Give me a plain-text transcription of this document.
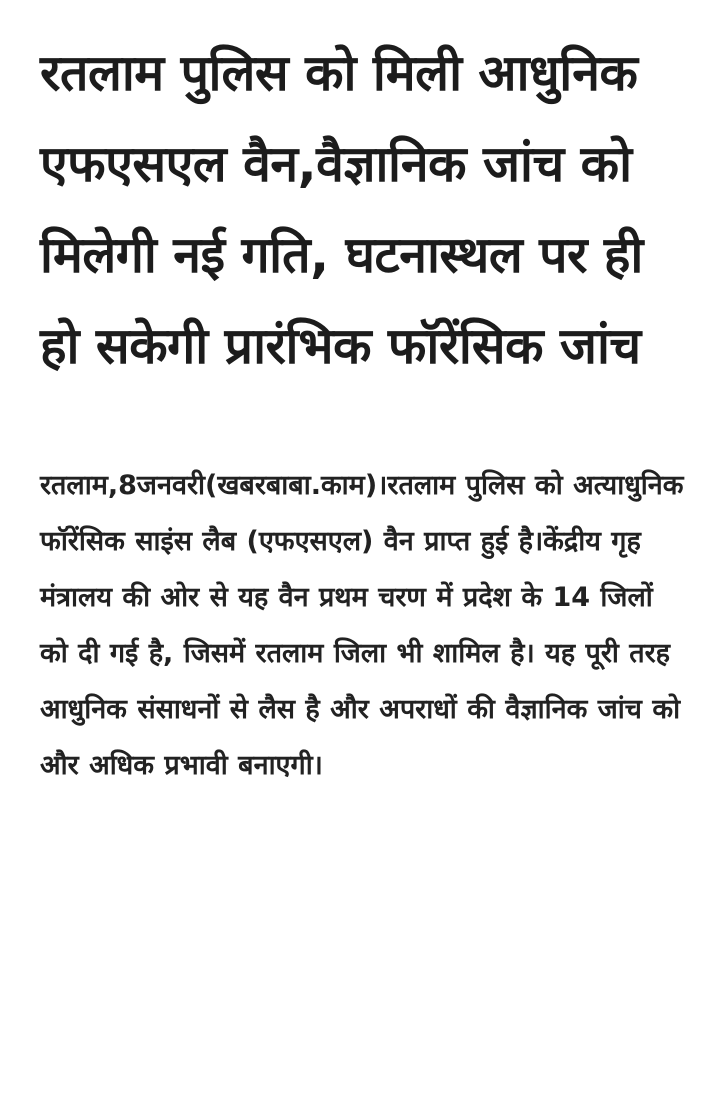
रतलाम पुलिस को मिली आधुनिक एफएसएल वैन,वैज्ञानिक जांच को मिलेगी नई गति, घटनास्थल पर ही हो सकेगी प्रारंभिक फॉरेंसिक जांच

रतलाम,8जनवरी(खबरबाबा.काम)।रतलाम पुलिस को अत्याधुनिक फॉरेंसिक साइंस लैब (एफएसएल) वैन प्राप्त हुई है।केंद्रीय गृह मंत्रालय की ओर से यह वैन प्रथम चरण में प्रदेश के 14 जिलों को दी गई है, जिसमें रतलाम जिला भी शामिल है। यह पूरी तरह आधुनिक संसाधनों से लैस है और अपराधों की वैज्ञानिक जांच को और अधिक प्रभावी बनाएगी।
